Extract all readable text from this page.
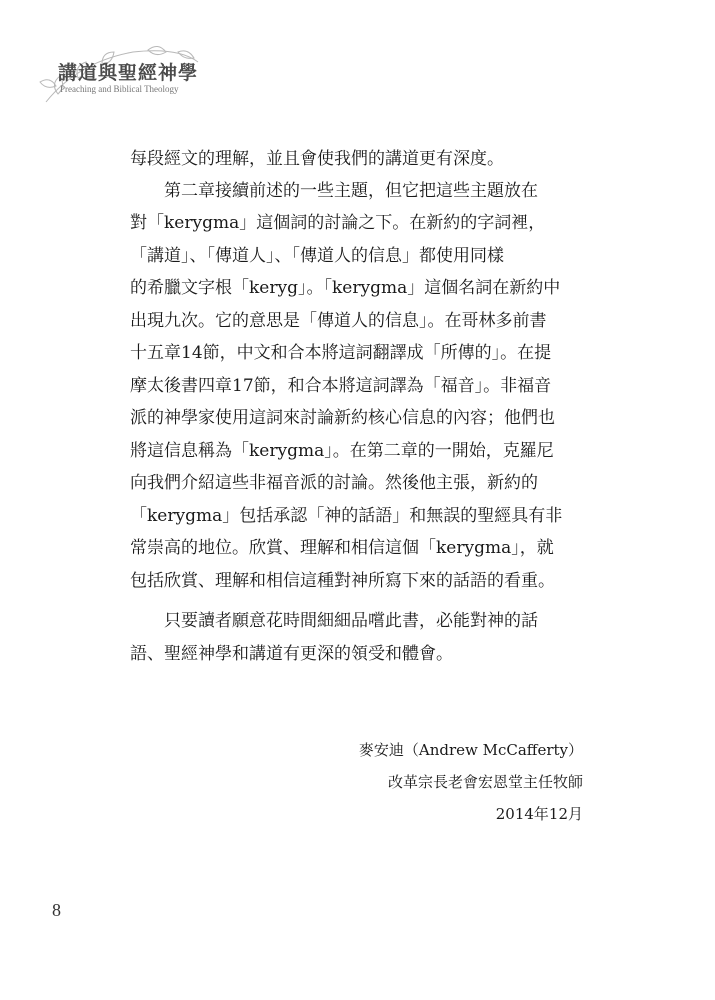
講道與聖經神學
Preaching and Biblical Theology
每段經文的理解，並且會使我們的講道更有深度。
　　第二章接續前述的一些主題，但它把這些主題放在
對「kerygma」這個詞的討論之下。在新約的字詞裡，
「講道」、「傳道人」、「傳道人的信息」都使用同樣
的希臘文字根「keryg」。「kerygma」這個名詞在新約中
出現九次。它的意思是「傳道人的信息」。在哥林多前書
十五章14節，中文和合本將這詞翻譯成「所傳的」。在提
摩太後書四章17節，和合本將這詞譯為「福音」。非福音
派的神學家使用這詞來討論新約核心信息的內容；他們也
將這信息稱為「kerygma」。在第二章的一開始，克羅尼
向我們介紹這些非福音派的討論。然後他主張，新約的
「kerygma」包括承認「神的話語」和無誤的聖經具有非
常崇高的地位。欣賞、理解和相信這個「kerygma」，就
包括欣賞、理解和相信這種對神所寫下來的話語的看重。
　　只要讀者願意花時間細細品嚐此書，必能對神的話
語、聖經神學和講道有更深的領受和體會。
麥安迪（Andrew McCafferty）
改革宗長老會宏恩堂主任牧師
2014年12月
8
